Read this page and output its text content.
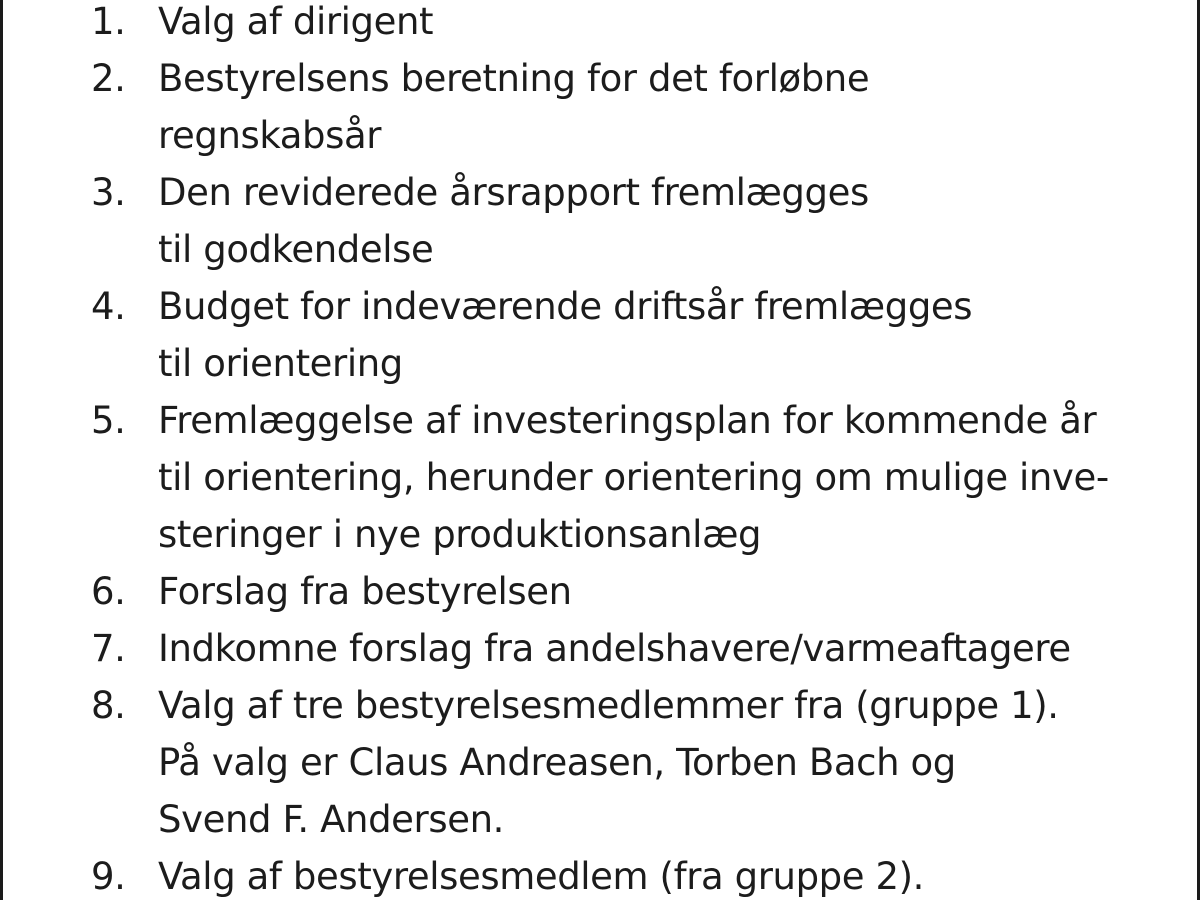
1. Valg af dirigent
2. Bestyrelsens beretning for det forløbne
regnskabsår
3. Den reviderede årsrapport fremlægges
til godkendelse
4. Budget for indeværende driftsår fremlægges
til orientering
5. Fremlæggelse af investeringsplan for kommende år
til orientering, herunder orientering om mulige inve-
steringer i nye produktionsanlæg
6. Forslag fra bestyrelsen
7. Indkomne forslag fra andelshavere/varmeaftagere
8. Valg af tre bestyrelsesmedlemmer fra (gruppe 1).
På valg er Claus Andreasen, Torben Bach og
Svend F. Andersen.
9. Valg af bestyrelsesmedlem (fra gruppe 2).
